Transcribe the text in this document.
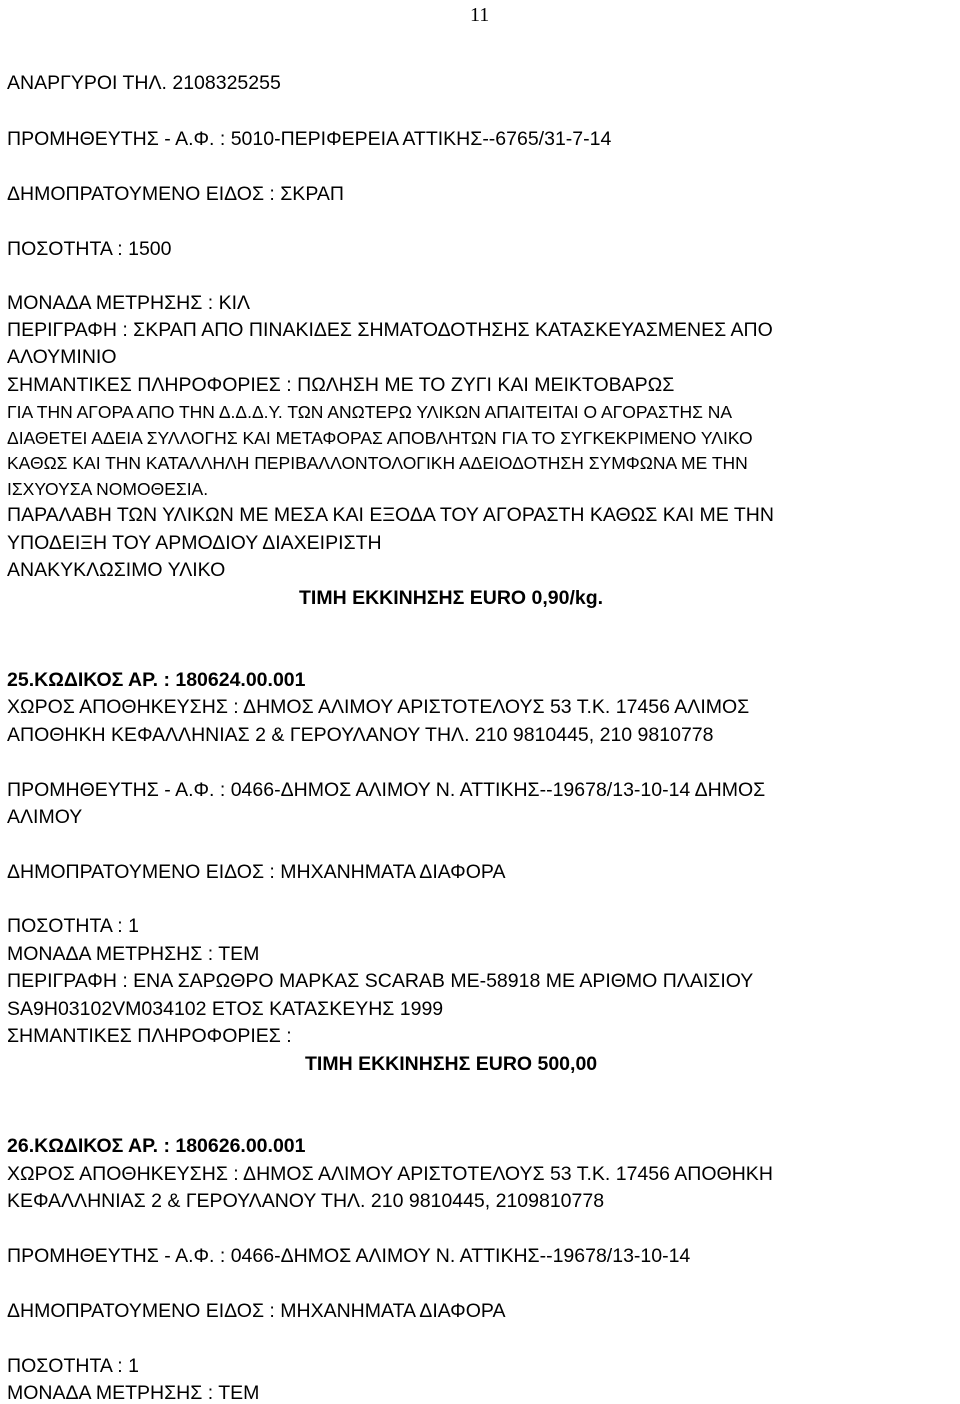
11
ΑΝΑΡΓΥΡΟΙ ΤΗΛ. 2108325255
ΠΡΟΜΗΘΕΥΤΗΣ - Α.Φ. : 5010-ΠΕΡΙΦΕΡΕΙΑ ΑΤΤΙΚΗΣ--6765/31-7-14
ΔΗΜΟΠΡΑΤΟΥΜΕΝΟ ΕΙΔΟΣ : ΣΚΡΑΠ
ΠΟΣΟΤΗΤΑ : 1500
ΜΟΝΑΔΑ ΜΕΤΡΗΣΗΣ : ΚΙΛ
ΠΕΡΙΓΡΑΦΗ : ΣΚΡΑΠ ΑΠΟ ΠΙΝΑΚΙΔΕΣ ΣΗΜΑΤΟΔΟΤΗΣΗΣ ΚΑΤΑΣΚΕΥΑΣΜΕΝΕΣ ΑΠΟ
ΑΛΟΥΜΙΝΙΟ
ΣΗΜΑΝΤΙΚΕΣ ΠΛΗΡΟΦΟΡΙΕΣ : ΠΩΛΗΣΗ ΜΕ ΤΟ ΖΥΓΙ ΚΑΙ ΜΕΙΚΤΟΒΑΡΩΣ
ΓΙΑ ΤΗΝ ΑΓΟΡΑ ΑΠΟ ΤΗΝ Δ.Δ.Δ.Υ. ΤΩΝ ΑΝΩΤΕΡΩ ΥΛΙΚΩΝ ΑΠΑΙΤΕΙΤΑΙ Ο ΑΓΟΡΑΣΤΗΣ ΝΑ
ΔΙΑΘΕΤΕΙ ΑΔΕΙΑ ΣΥΛΛΟΓΗΣ ΚΑΙ ΜΕΤΑΦΟΡΑΣ ΑΠΟΒΛΗΤΩΝ ΓΙΑ ΤΟ ΣΥΓΚΕΚΡΙΜΕΝΟ ΥΛΙΚΟ
ΚΑΘΩΣ ΚΑΙ ΤΗΝ ΚΑΤΑΛΛΗΛΗ ΠΕΡΙΒΑΛΛΟΝΤΟΛΟΓΙΚΗ ΑΔΕΙΟΔΟΤΗΣΗ ΣΥΜΦΩΝΑ ΜΕ ΤΗΝ
ΙΣΧΥΟΥΣΑ ΝΟΜΟΘΕΣΙΑ.
ΠΑΡΑΛΑΒΗ ΤΩΝ ΥΛΙΚΩΝ ΜΕ ΜΕΣΑ ΚΑΙ ΕΞΟΔΑ ΤΟΥ ΑΓΟΡΑΣΤΗ ΚΑΘΩΣ ΚΑΙ ΜΕ ΤΗΝ
ΥΠΟΔΕΙΞΗ ΤΟΥ ΑΡΜΟΔΙΟΥ ΔΙΑΧΕΙΡΙΣΤΗ
ΑΝΑΚΥΚΛΩΣΙΜΟ ΥΛΙΚΟ
ΤΙΜΗ ΕΚΚΙΝΗΣΗΣ EURO 0,90/kg.
25.ΚΩΔΙΚΟΣ ΑΡ. : 180624.00.001
ΧΩΡΟΣ ΑΠΟΘΗΚΕΥΣΗΣ : ΔΗΜΟΣ ΑΛΙΜΟΥ ΑΡΙΣΤΟΤΕΛΟΥΣ 53 Τ.Κ. 17456 ΑΛΙΜΟΣ
ΑΠΟΘΗΚΗ ΚΕΦΑΛΛΗΝΙΑΣ 2 & ΓΕΡΟΥΛΑΝΟΥ ΤΗΛ. 210 9810445, 210 9810778
ΠΡΟΜΗΘΕΥΤΗΣ - Α.Φ. : 0466-ΔΗΜΟΣ ΑΛΙΜΟΥ Ν. ΑΤΤΙΚΗΣ--19678/13-10-14 ΔΗΜΟΣ
ΑΛΙΜΟΥ
ΔΗΜΟΠΡΑΤΟΥΜΕΝΟ ΕΙΔΟΣ : ΜΗΧΑΝΗΜΑΤΑ ΔΙΑΦΟΡΑ
ΠΟΣΟΤΗΤΑ : 1
ΜΟΝΑΔΑ ΜΕΤΡΗΣΗΣ : ΤΕΜ
ΠΕΡΙΓΡΑΦΗ : ΕΝΑ ΣΑΡΩΘΡΟ ΜΑΡΚΑΣ SCARAB ΜΕ-58918 ΜΕ ΑΡΙΘΜΟ ΠΛΑΙΣΙΟΥ
SA9H03102VM034102 ΕΤΟΣ ΚΑΤΑΣΚΕΥΗΣ 1999
ΣΗΜΑΝΤΙΚΕΣ ΠΛΗΡΟΦΟΡΙΕΣ :
ΤΙΜΗ ΕΚΚΙΝΗΣΗΣ EURO 500,00
26.ΚΩΔΙΚΟΣ ΑΡ. : 180626.00.001
ΧΩΡΟΣ ΑΠΟΘΗΚΕΥΣΗΣ : ΔΗΜΟΣ ΑΛΙΜΟΥ ΑΡΙΣΤΟΤΕΛΟΥΣ 53 Τ.Κ. 17456 ΑΠΟΘΗΚΗ
ΚΕΦΑΛΛΗΝΙΑΣ 2 & ΓΕΡΟΥΛΑΝΟΥ ΤΗΛ. 210 9810445, 2109810778
ΠΡΟΜΗΘΕΥΤΗΣ - Α.Φ. : 0466-ΔΗΜΟΣ ΑΛΙΜΟΥ Ν. ΑΤΤΙΚΗΣ--19678/13-10-14
ΔΗΜΟΠΡΑΤΟΥΜΕΝΟ ΕΙΔΟΣ : ΜΗΧΑΝΗΜΑΤΑ ΔΙΑΦΟΡΑ
ΠΟΣΟΤΗΤΑ : 1
ΜΟΝΑΔΑ ΜΕΤΡΗΣΗΣ : ΤΕΜ
